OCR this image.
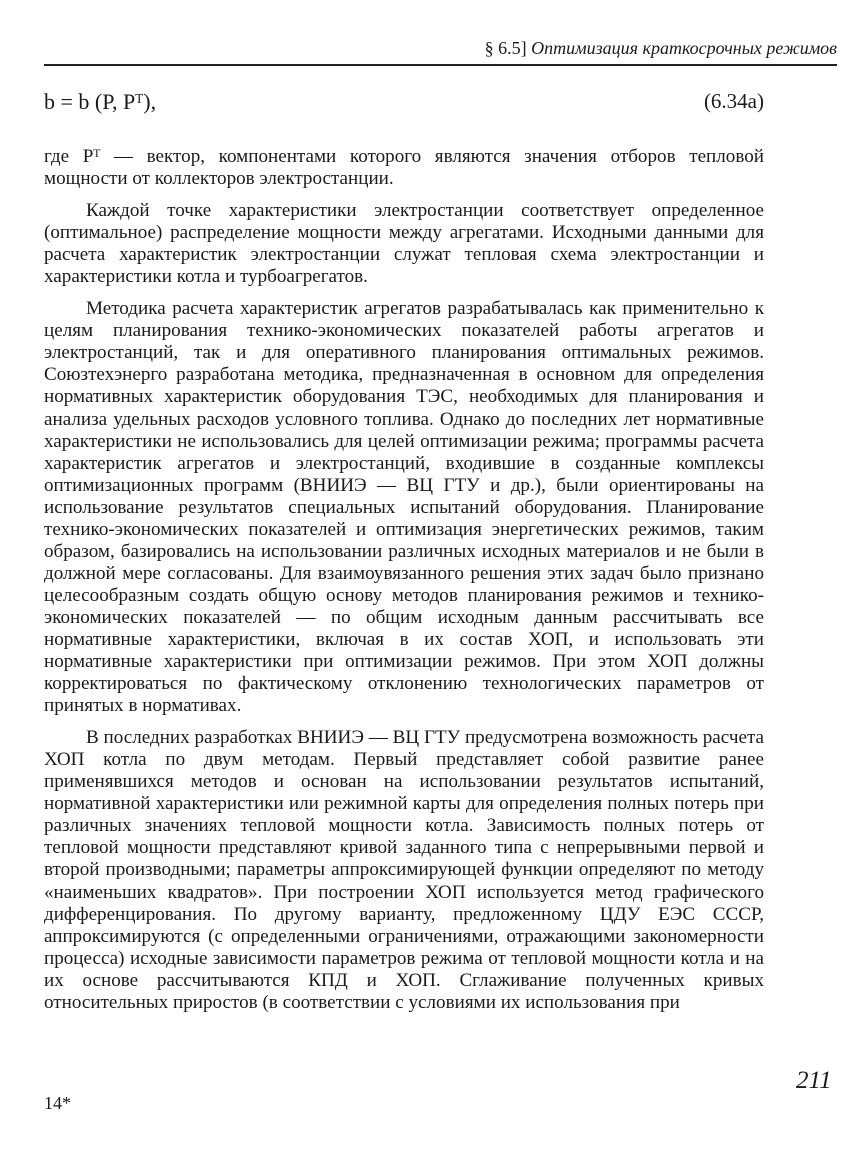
§ 6.5] Оптимизация краткосрочных режимов
b = b (P, Pᵀ),	(6.34a)

где Pᵀ — вектор, компонентами которого являются значения отборов тепловой мощности от коллекторов электростанции.

Каждой точке характеристики электростанции соответствует определенное (оптимальное) распределение мощности между агрегатами. Исходными данными для расчета характеристик электростанции служат тепловая схема электростанции и характеристики котла и турбоагрегатов.

Методика расчета характеристик агрегатов разрабатывалась как применительно к целям планирования технико-экономических показателей работы агрегатов и электростанций, так и для оперативного планирования оптимальных режимов. Союзтехэнерго разработана методика, предназначенная в основном для определения нормативных характеристик оборудования ТЭС, необходимых для планирования и анализа удельных расходов условного топлива. Однако до последних лет нормативные характеристики не использовались для целей оптимизации режима; программы расчета характеристик агрегатов и электростанций, входившие в созданные комплексы оптимизационных программ (ВНИИЭ — ВЦ ГТУ и др.), были ориентированы на использование результатов специальных испытаний оборудования. Планирование технико-экономических показателей и оптимизация энергетических режимов, таким образом, базировались на использовании различных исходных материалов и не были в должной мере согласованы. Для взаимоувязанного решения этих задач было признано целесообразным создать общую основу методов планирования режимов и технико-экономических показателей — по общим исходным данным рассчитывать все нормативные характеристики, включая в их состав ХОП, и использовать эти нормативные характеристики при оптимизации режимов. При этом ХОП должны корректироваться по фактическому отклонению технологических параметров от принятых в нормативах.

В последних разработках ВНИИЭ — ВЦ ГТУ предусмотрена возможность расчета ХОП котла по двум методам. Первый представляет собой развитие ранее применявшихся методов и основан на использовании результатов испытаний, нормативной характеристики или режимной карты для определения полных потерь при различных значениях тепловой мощности котла. Зависимость полных потерь от тепловой мощности представляют кривой заданного типа с непрерывными первой и второй производными; параметры аппроксимирующей функции определяют по методу «наименьших квадратов». При построении ХОП используется метод графического дифференцирования. По другому варианту, предложенному ЦДУ ЕЭС СССР, аппроксимируются (с определенными ограничениями, отражающими закономерности процесса) исходные зависимости параметров режима от тепловой мощности котла и на их основе рассчитываются КПД и ХОП. Сглаживание полученных кривых относительных приростов (в соответствии с условиями их использования при

211
14*
